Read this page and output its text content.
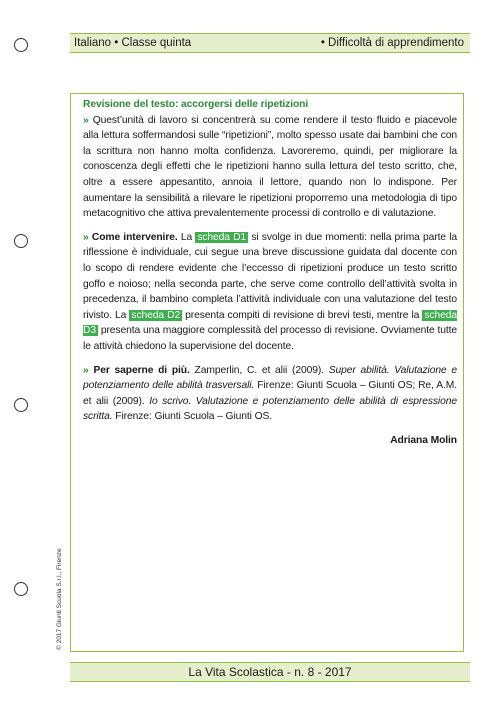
Italiano • Classe quinta	• Difficoltà di apprendimento
Revisione del testo: accorgersi delle ripetizioni

» Quest’unità di lavoro si concentrerà su come rendere il testo fluido e piacevole alla lettura soffermandosi sulle “ripetizioni”, molto spesso usate dai bambini che con la scrittura non hanno molta confidenza. Lavoreremo, quindi, per migliorare la conoscenza degli effetti che le ripetizioni hanno sulla lettura del testo scritto, che, oltre a essere appesantito, annoia il lettore, quando non lo indispone. Per aumentare la sensibilità a rilevare le ripetizioni proporremo una metodologia di tipo metacognitivo che attiva prevalentemente processi di controllo e di valutazione.

» Come intervenire. La scheda D1 si svolge in due momenti: nella prima parte la riflessione è individuale, cui segue una breve discussione guidata dal docente con lo scopo di rendere evidente che l’eccesso di ripetizioni produce un testo scritto goffo e noioso; nella seconda parte, che serve come controllo dell’attività svolta in precedenza, il bambino completa l’attività individuale con una valutazione del testo rivisto. La scheda D2 presenta compiti di revisione di brevi testi, mentre la scheda D3 presenta una maggiore complessità del processo di revisione. Ovviamente tutte le attività chiedono la supervisione del docente.

» Per saperne di più. Zamperlin, C. et alii (2009). Super abilità. Valutazione e potenziamento delle abilità trasversali. Firenze: Giunti Scuola – Giunti OS; Re, A.M. et alii (2009). Io scrivo. Valutazione e potenziamento delle abilità di espressione scritta. Firenze: Giunti Scuola – Giunti OS.

Adriana Molin
© 2017 Giunti Scuola S.r.l., Firenze
La Vita Scolastica - n. 8 - 2017
